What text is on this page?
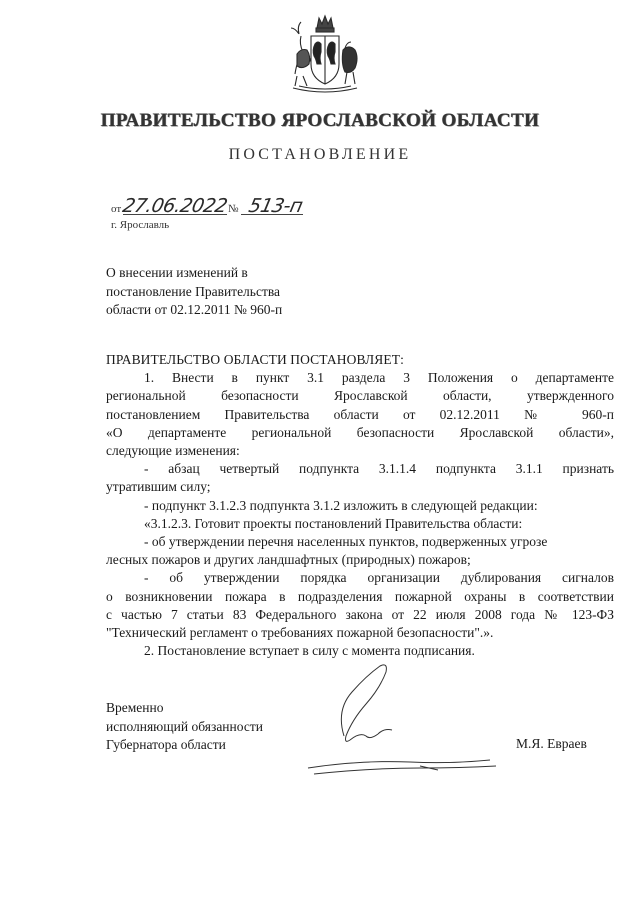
ПРАВИТЕЛЬСТВО ЯРОСЛАВСКОЙ ОБЛАСТИ
ПОСТАНОВЛЕНИЕ
от 27.06.2022
№ 513-п
г. Ярославль
О внесении изменений в
постановление Правительства
области от 02.12.2011 № 960-п
ПРАВИТЕЛЬСТВО ОБЛАСТИ ПОСТАНОВЛЯЕТ:
1. Внести в пункт 3.1 раздела 3 Положения о департаменте
региональной безопасности Ярославской области, утвержденного
постановлением Правительства области от 02.12.2011 № 960-п
«О департаменте региональной безопасности Ярославской области»,
следующие изменения:
- абзац четвертый подпункта 3.1.1.4 подпункта 3.1.1 признать
утратившим силу;
- подпункт 3.1.2.3 подпункта 3.1.2 изложить в следующей редакции:
«3.1.2.3. Готовит проекты постановлений Правительства области:
- об утверждении перечня населенных пунктов, подверженных угрозе
лесных пожаров и других ландшафтных (природных) пожаров;
- об утверждении порядка организации дублирования сигналов
о возникновении пожара в подразделения пожарной охраны в соответствии
с частью 7 статьи 83 Федерального закона от 22 июля 2008 года № 123-ФЗ
"Технический регламент о требованиях пожарной безопасности".».
2. Постановление вступает в силу с момента подписания.
Временно
исполняющий обязанности
Губернатора области	М.Я. Евраев
